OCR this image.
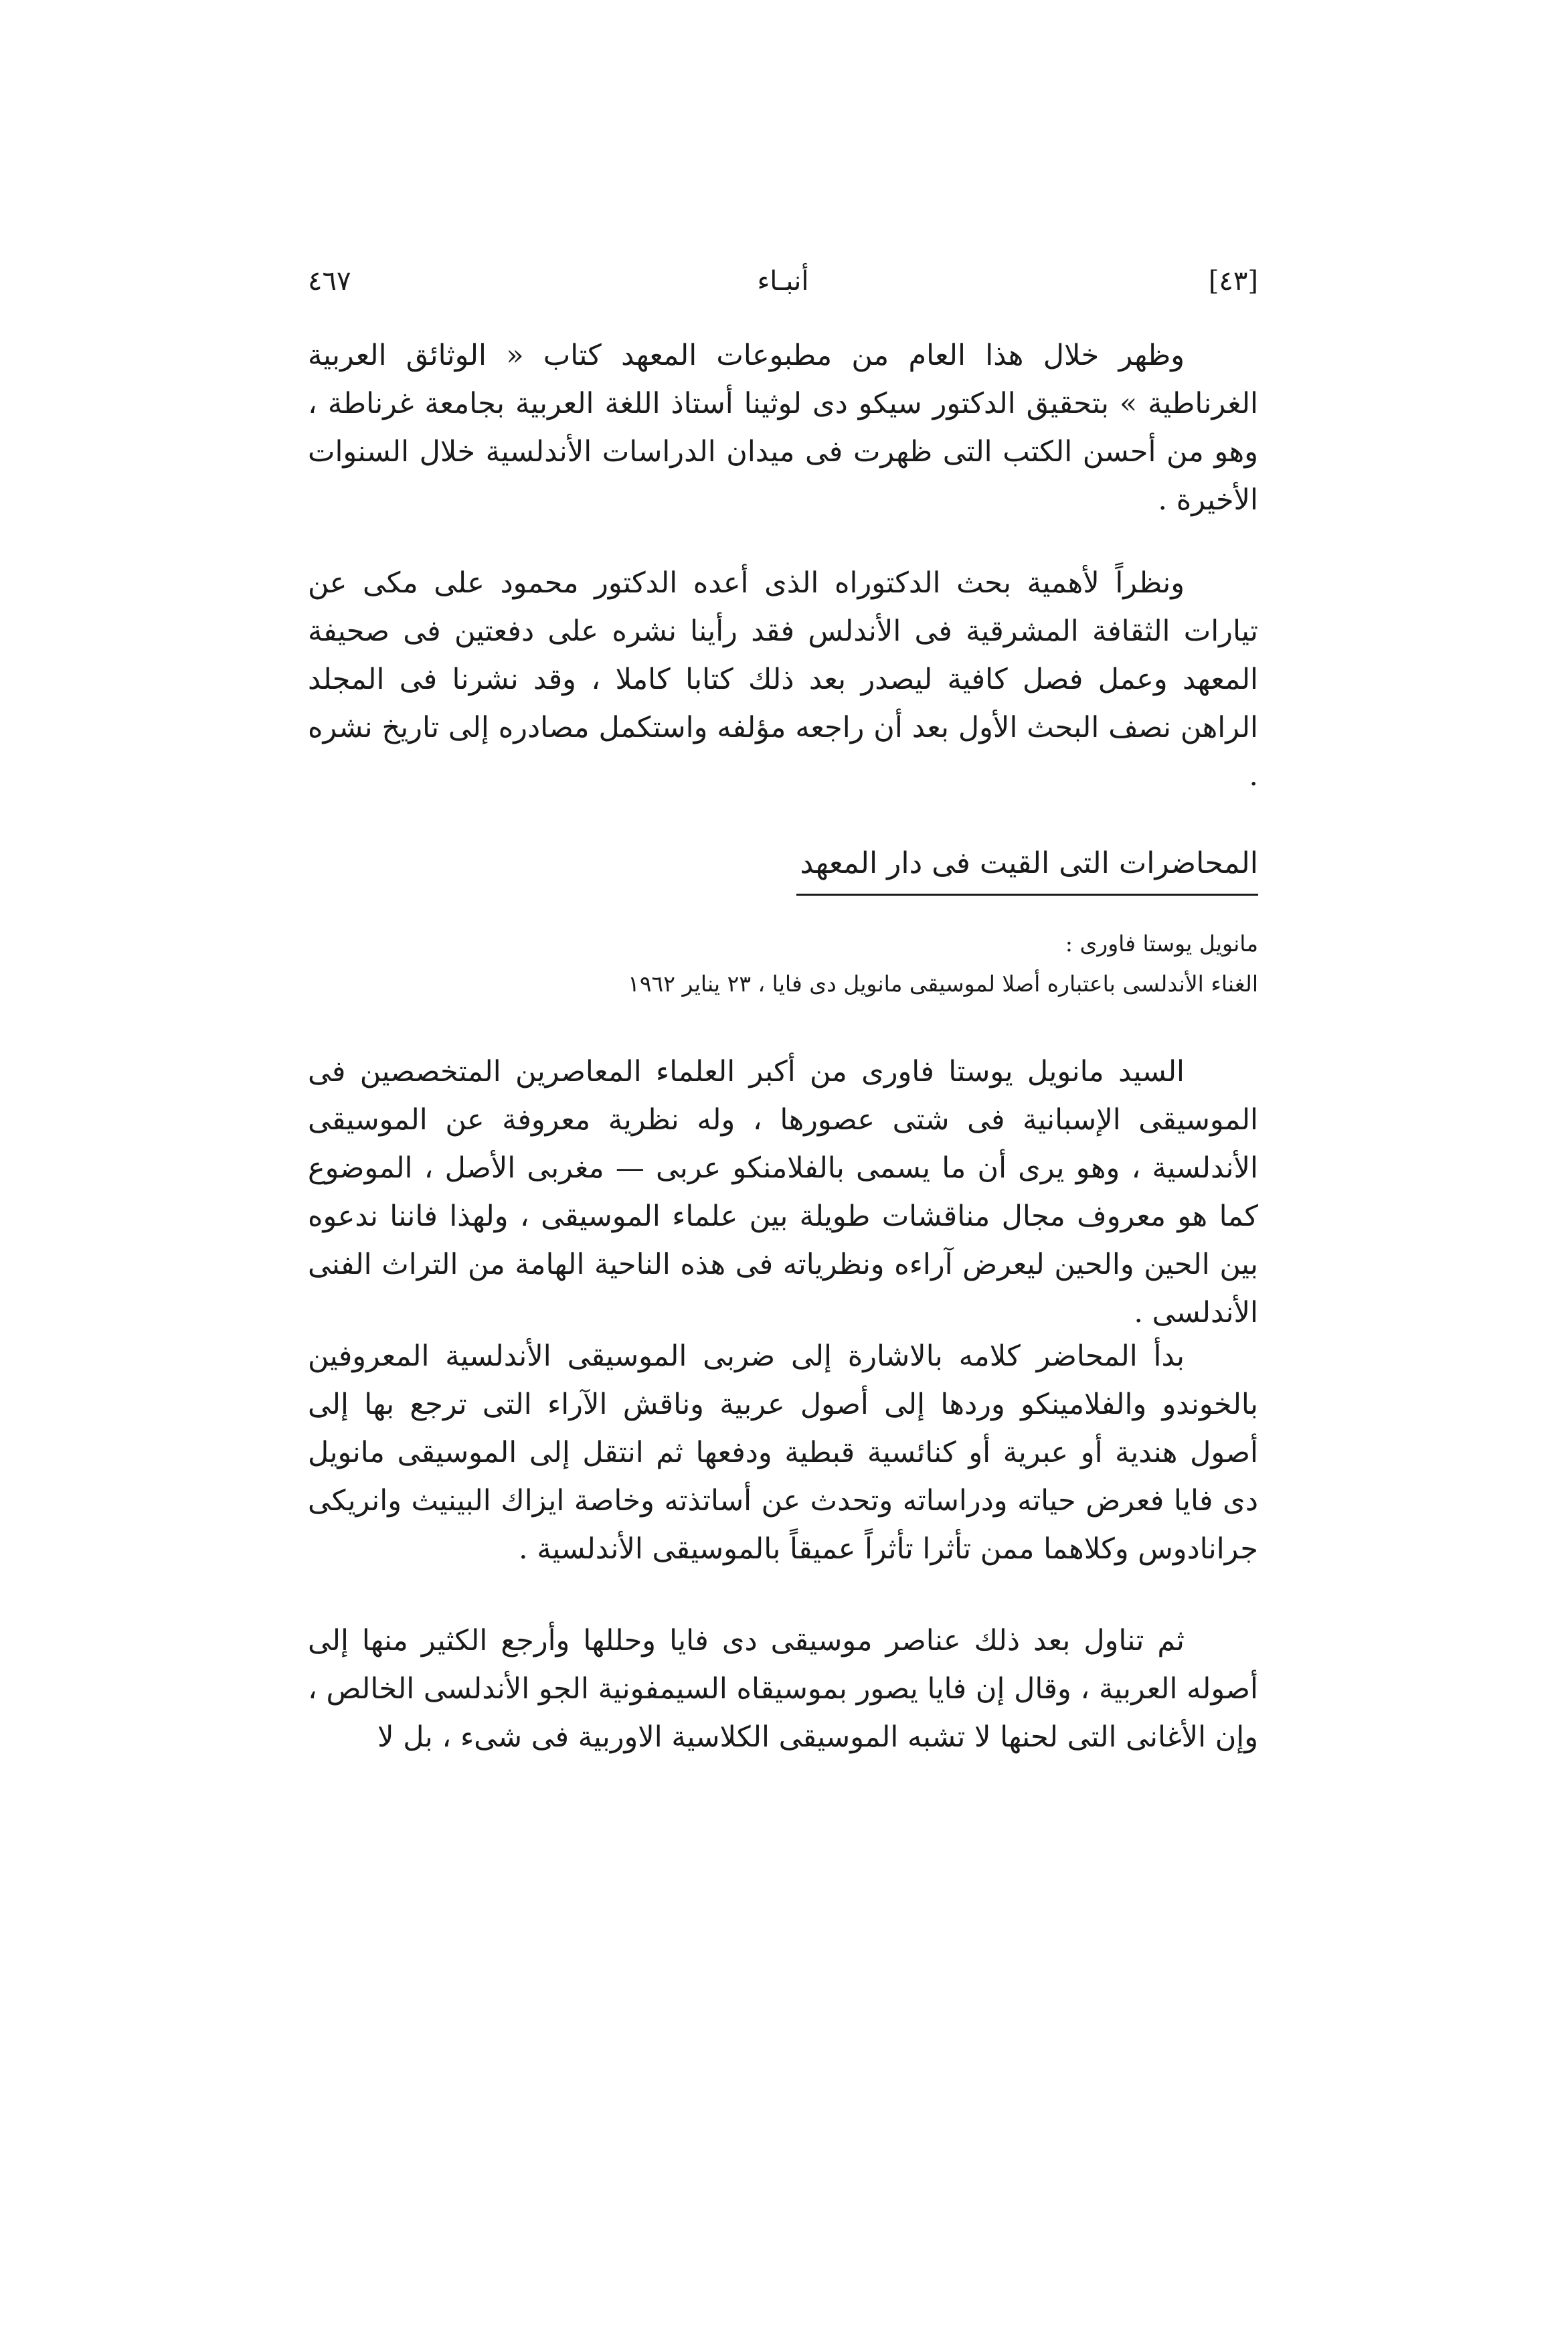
٤٦٧	أنبـاء	[٤٣]

وظهر خلال هذا العام من مطبوعات المعهد كتاب « الوثائق العربية الغرناطية » بتحقيق الدكتور سيكو دى لوثينا أستاذ اللغة العربية بجامعة غرناطة ، وهو من أحسن الكتب التى ظهرت فى ميدان الدراسات الأندلسية خلال السنوات الأخيرة .

ونظراً لأهمية بحث الدكتوراه الذى أعده الدكتور محمود على مكى عن تيارات الثقافة المشرقية فى الأندلس فقد رأينا نشره على دفعتين فى صحيفة المعهد وعمل فصل كافية ليصدر بعد ذلك كتابا كاملا ، وقد نشرنا فى المجلد الراهن نصف البحث الأول بعد أن راجعه مؤلفه واستكمل مصادره إلى تاريخ نشره .

المحاضرات التى القيت فى دار المعهد
مانويل يوستا فاورى :
الغناء الأندلسى باعتباره أصلا لموسيقى مانويل دى فايا ، ٢٣ يناير ١٩٦٢

السيد مانويل يوستا فاورى من أكبر العلماء المعاصرين المتخصصين فى الموسيقى الإسبانية فى شتى عصورها ، وله نظرية معروفة عن الموسيقى الأندلسية ، وهو يرى أن ما يسمى بالفلامنكو عربى — مغربى الأصل ، الموضوع كما هو معروف مجال مناقشات طويلة بين علماء الموسيقى ، ولهذا فاننا ندعوه بين الحين والحين ليعرض آراءه ونظرياته فى هذه الناحية الهامة من التراث الفنى الأندلسى .

بدأ المحاضر كلامه بالاشارة إلى ضربى الموسيقى الأندلسية المعروفين بالخوندو والفلامينكو وردها إلى أصول عربية وناقش الآراء التى ترجع بها إلى أصول هندية أو عبرية أو كنائسية قبطية ودفعها ثم انتقل إلى الموسيقى مانويل دى فايا فعرض حياته ودراساته وتحدث عن أساتذته وخاصة ايزاك البينيث وانريكى جرانادوس وكلاهما ممن تأثرا تأثراً عميقاً بالموسيقى الأندلسية .

ثم تناول بعد ذلك عناصر موسيقى دى فايا وحللها وأرجع الكثير منها إلى أصوله العربية ، وقال إن فايا يصور بموسيقاه السيمفونية الجو الأندلسى الخالص ، وإن الأغانى التى لحنها لا تشبه الموسيقى الكلاسية الاوربية فى شىء ، بل لا
